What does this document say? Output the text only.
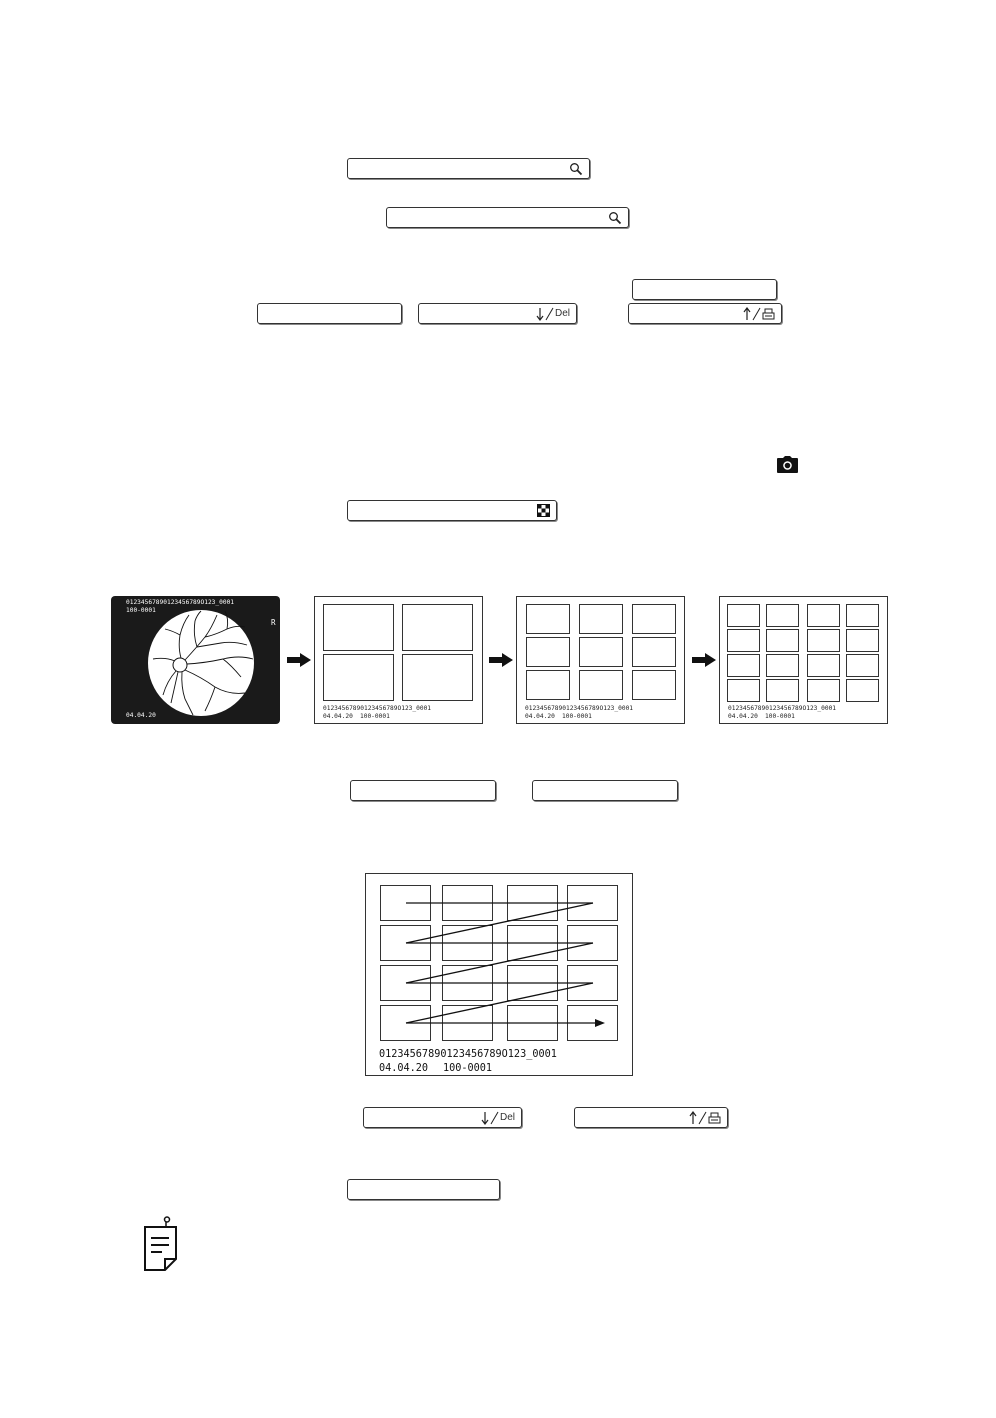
Del
01234567890123456789O123_0001
100-0001
R
04.04.20
01234567890123456789O123_0001
04.04.20 100-0001
01234567890123456789O123_0001
04.04.20 100-0001
01234567890123456789O123_0001
04.04.20 100-0001
01234567890123456789O123_0001
04.04.20 100-0001
Del
